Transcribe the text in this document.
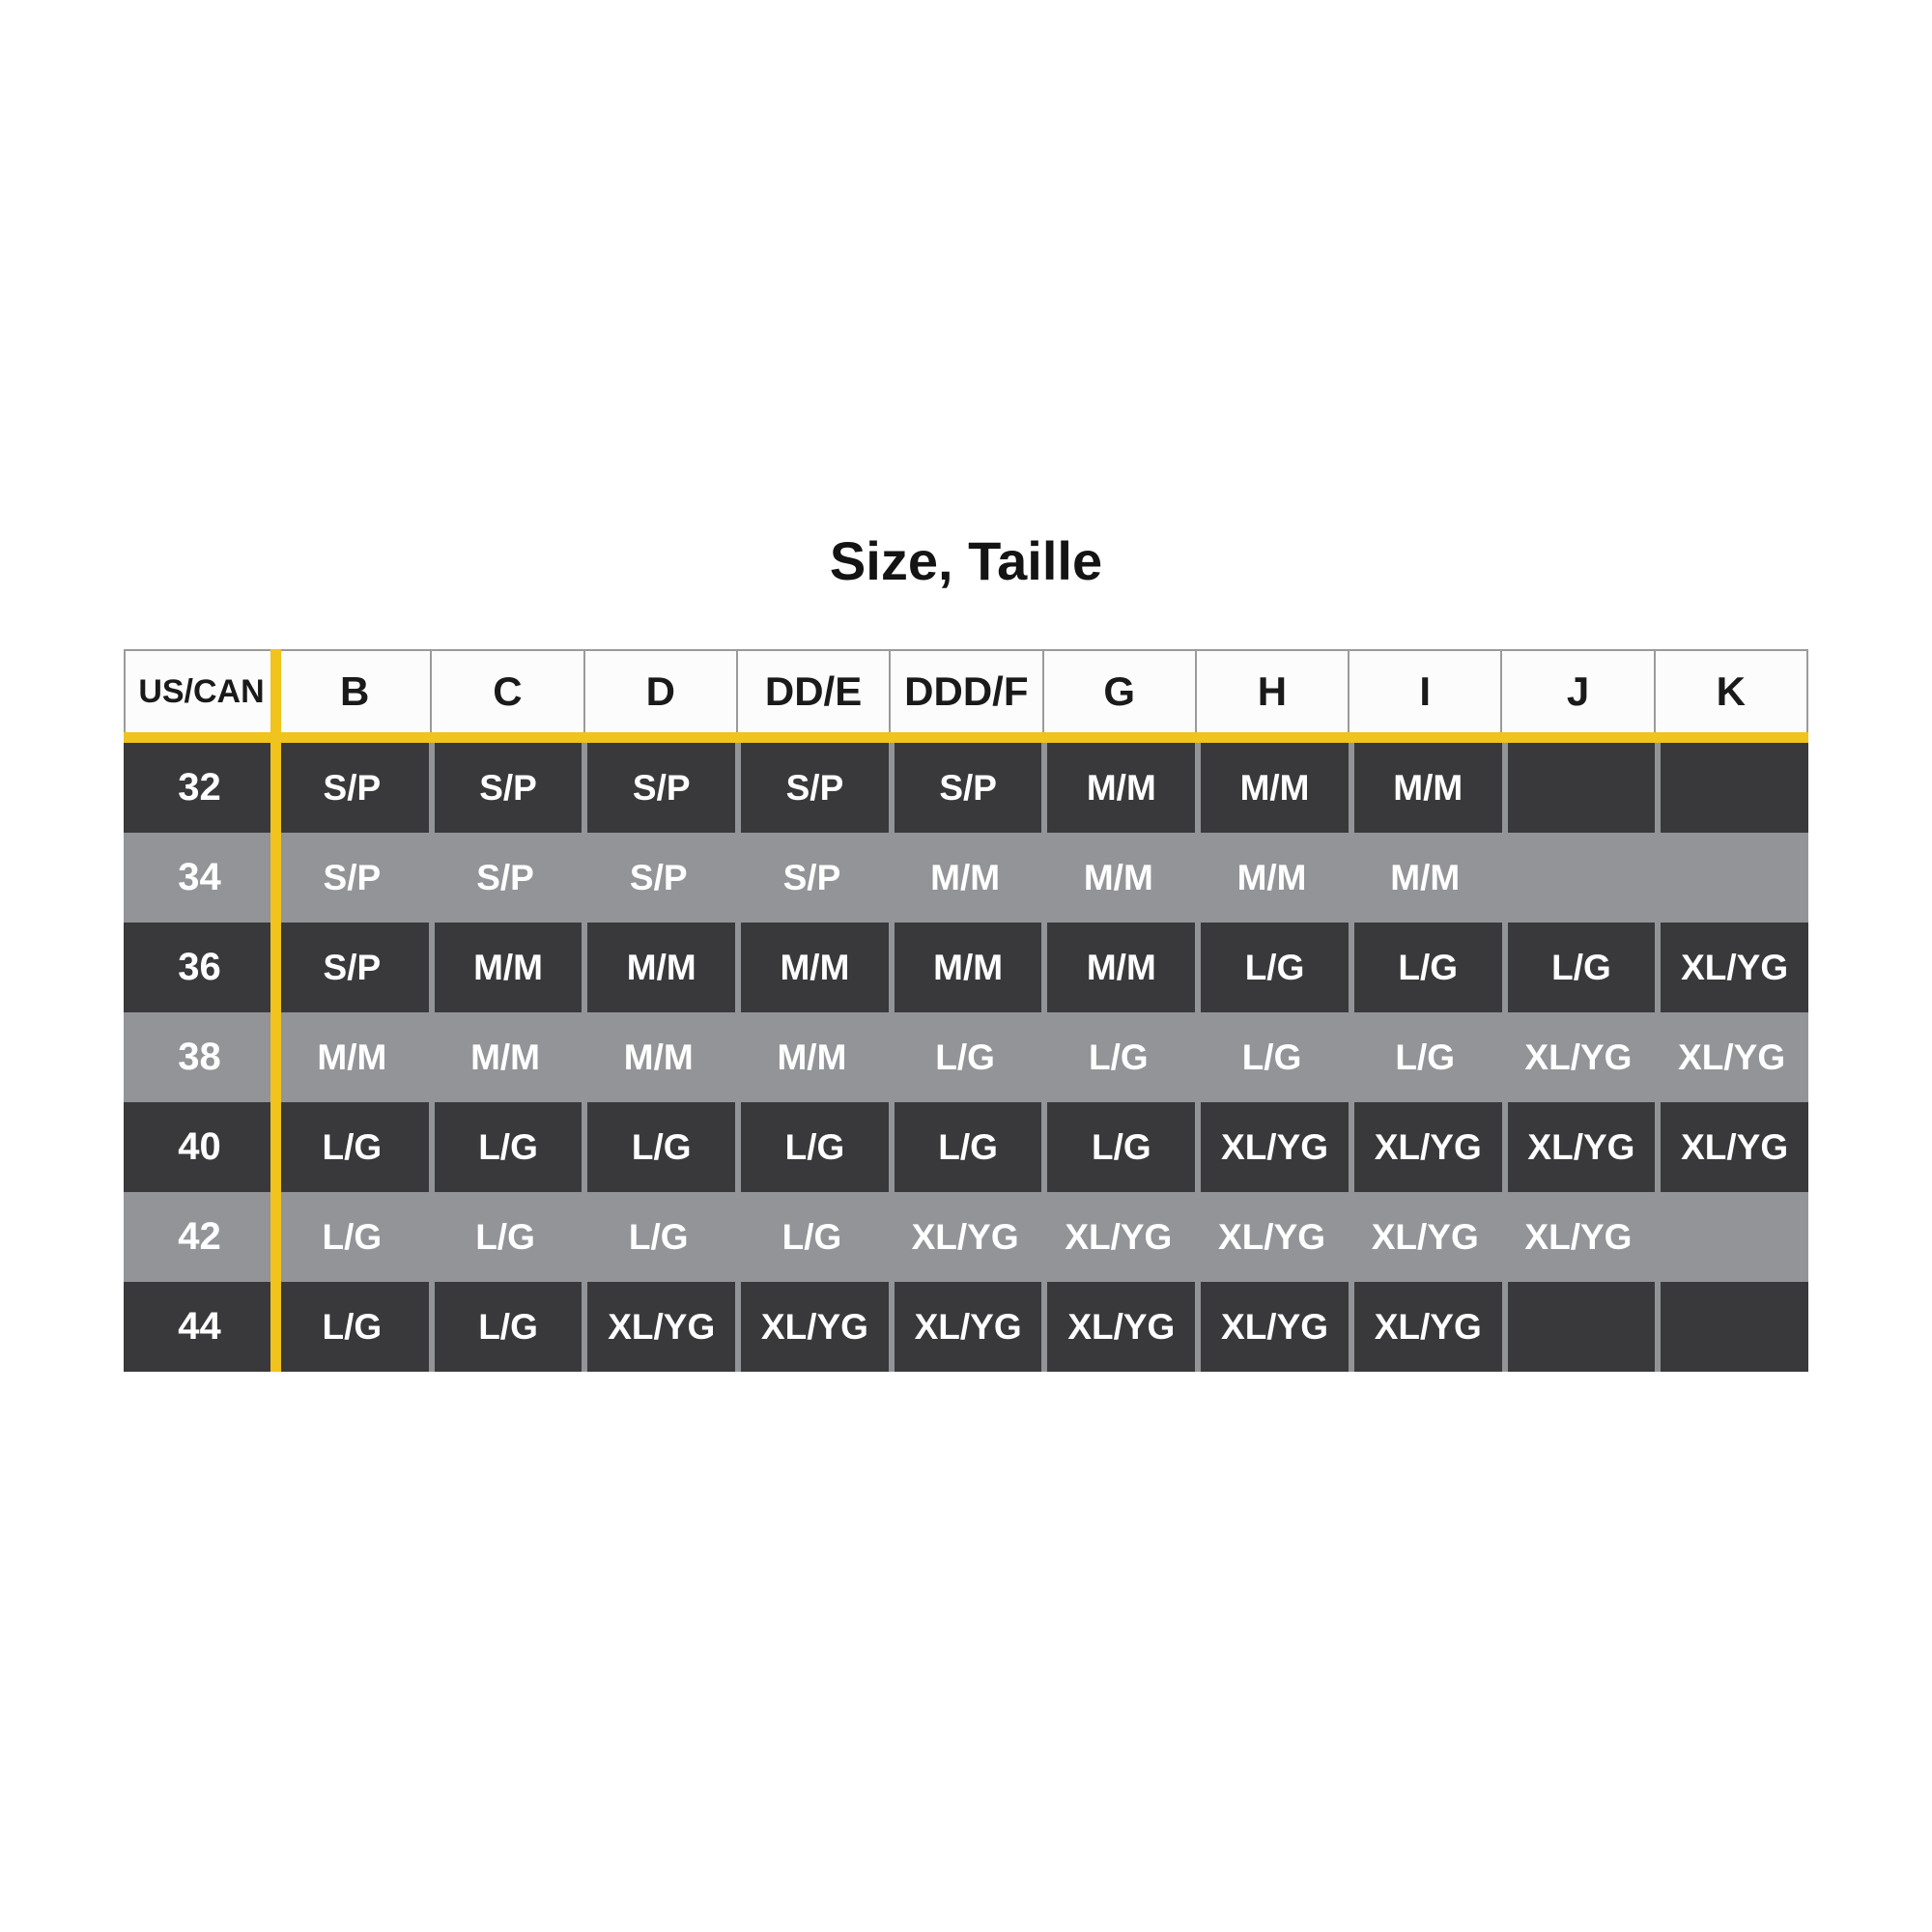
Size, Taille
US/CAN	B	C	D	DD/E	DDD/F	G	H	I	J	K
32	S/P	S/P	S/P	S/P	S/P	M/M	M/M	M/M
34	S/P	S/P	S/P	S/P	M/M	M/M	M/M	M/M
36	S/P	M/M	M/M	M/M	M/M	M/M	L/G	L/G	L/G	XL/YG
38	M/M	M/M	M/M	M/M	L/G	L/G	L/G	L/G	XL/YG	XL/YG
40	L/G	L/G	L/G	L/G	L/G	L/G	XL/YG	XL/YG	XL/YG	XL/YG
42	L/G	L/G	L/G	L/G	XL/YG	XL/YG	XL/YG	XL/YG	XL/YG
44	L/G	L/G	XL/YG	XL/YG	XL/YG	XL/YG	XL/YG	XL/YG
